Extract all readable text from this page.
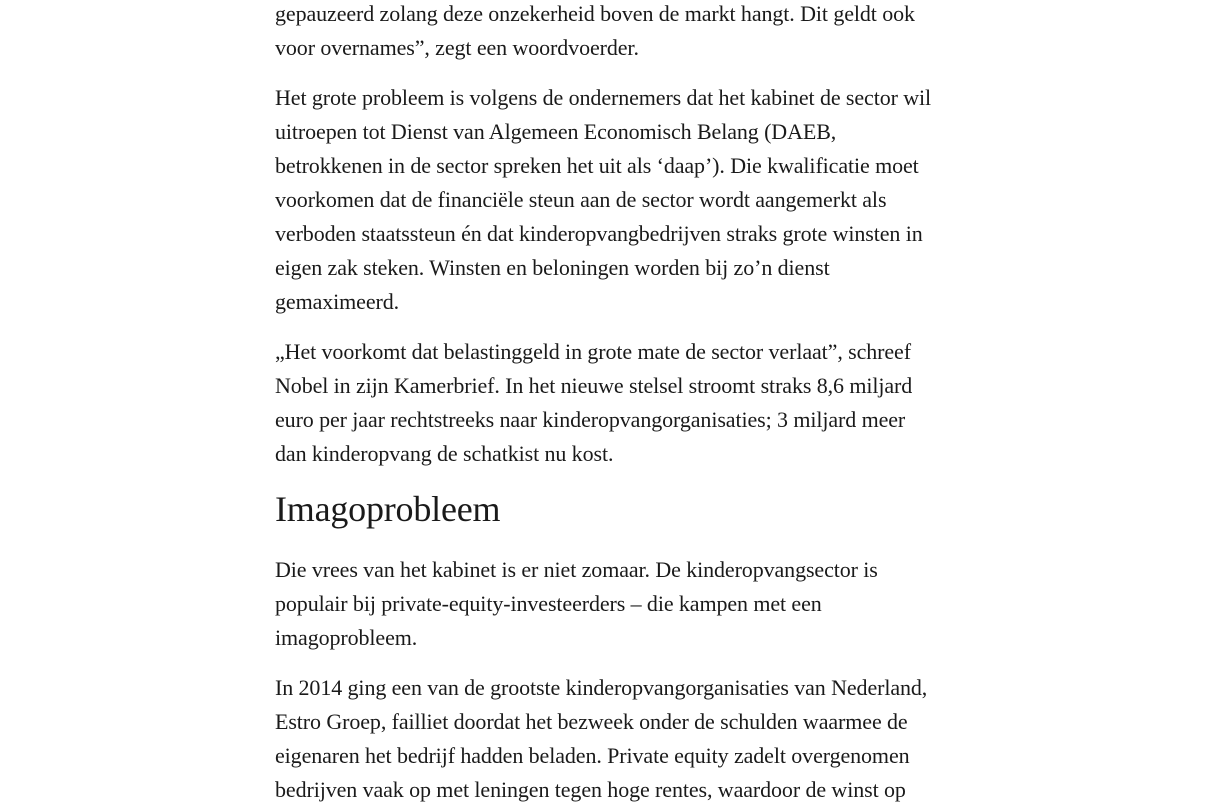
gepauzeerd zolang deze onzekerheid boven de markt hangt. Dit geldt ook voor overnames”, zegt een woordvoerder.

Het grote probleem is volgens de ondernemers dat het kabinet de sector wil uitroepen tot Dienst van Algemeen Economisch Belang (DAEB, betrokkenen in de sector spreken het uit als ‘daap’). Die kwalificatie moet voorkomen dat de financiële steun aan de sector wordt aangemerkt als verboden staatssteun én dat kinderopvangbedrijven straks grote winsten in eigen zak steken. Winsten en beloningen worden bij zo’n dienst gemaximeerd.

„Het voorkomt dat belastinggeld in grote mate de sector verlaat”, schreef Nobel in zijn Kamerbrief. In het nieuwe stelsel stroomt straks 8,6 miljard euro per jaar rechtstreeks naar kinderopvangorganisaties; 3 miljard meer dan kinderopvang de schatkist nu kost.

Imagoprobleem

Die vrees van het kabinet is er niet zomaar. De kinderopvangsector is populair bij private-equity-investeerders – die kampen met een imagoprobleem.

In 2014 ging een van de grootste kinderopvangorganisaties van Nederland, Estro Groep, failliet doordat het bezweek onder de schulden waarmee de eigenaren het bedrijf hadden beladen. Private equity zadelt overgenomen bedrijven vaak op met leningen tegen hoge rentes, waardoor de winst op
